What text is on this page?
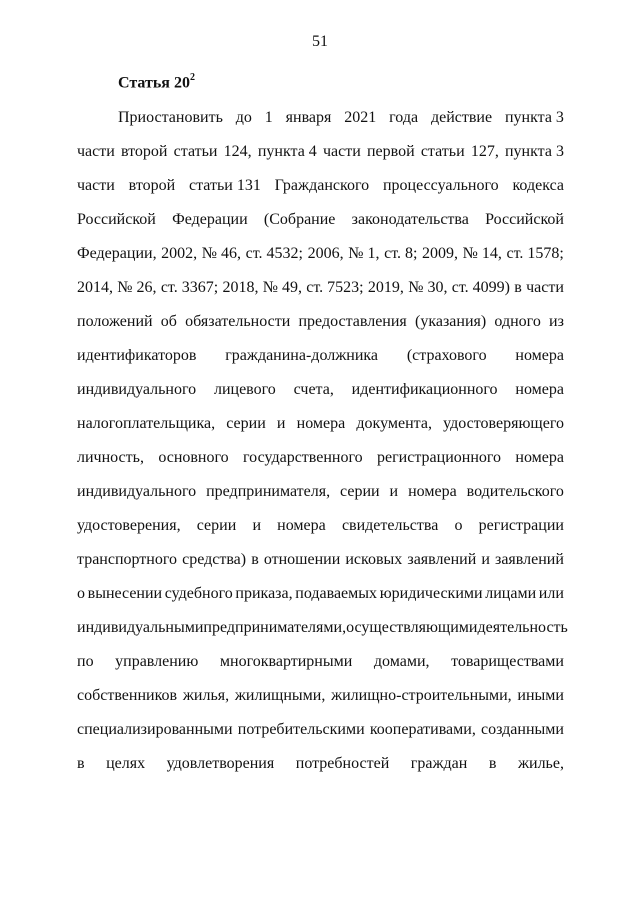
51
Статья $20^2$
Приостановить до 1 января 2021 года действие пункта 3
части второй статьи 124, пункта 4 части первой статьи 127, пункта 3
части второй статьи 131 Гражданского процессуального кодекса
Российской Федерации (Собрание законодательства Российской
Федерации, 2002, № 46, ст. 4532; 2006, № 1, ст. 8; 2009, № 14, ст. 1578;
2014, № 26, ст. 3367; 2018, № 49, ст. 7523; 2019, № 30, ст. 4099) в части
положений об обязательности предоставления (указания) одного из
идентификаторов гражданина-должника (страхового номера
индивидуального лицевого счета, идентификационного номера
налогоплательщика, серии и номера документа, удостоверяющего
личность, основного государственного регистрационного номера
индивидуального предпринимателя, серии и номера водительского
удостоверения, серии и номера свидетельства о регистрации
транспортного средства) в отношении исковых заявлений и заявлений
о вынесении судебного приказа, подаваемых юридическими лицами или
индивидуальными предпринимателями, осуществляющими деятельность
по управлению многоквартирными домами, товариществами
собственников жилья, жилищными, жилищно-строительными, иными
специализированными потребительскими кооперативами, созданными
в целях удовлетворения потребностей граждан в жилье,
